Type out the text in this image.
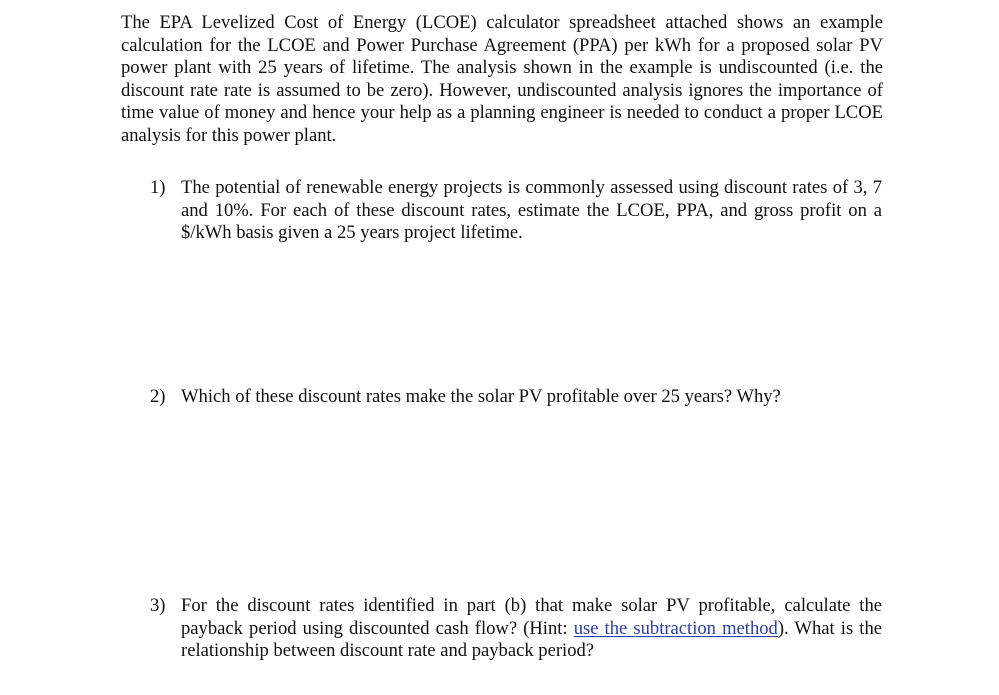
The EPA Levelized Cost of Energy (LCOE) calculator spreadsheet attached shows an example calculation for the LCOE and Power Purchase Agreement (PPA) per kWh for a proposed solar PV power plant with 25 years of lifetime. The analysis shown in the example is undiscounted (i.e. the discount rate rate is assumed to be zero). However, undiscounted analysis ignores the importance of time value of money and hence your help as a planning engineer is needed to conduct a proper LCOE analysis for this power plant.

1) The potential of renewable energy projects is commonly assessed using discount rates of 3, 7 and 10%. For each of these discount rates, estimate the LCOE, PPA, and gross profit on a $/kWh basis given a 25 years project lifetime.
2) Which of these discount rates make the solar PV profitable over 25 years? Why?
3) For the discount rates identified in part (b) that make solar PV profitable, calculate the payback period using discounted cash flow? (Hint: use the subtraction method). What is the relationship between discount rate and payback period?
